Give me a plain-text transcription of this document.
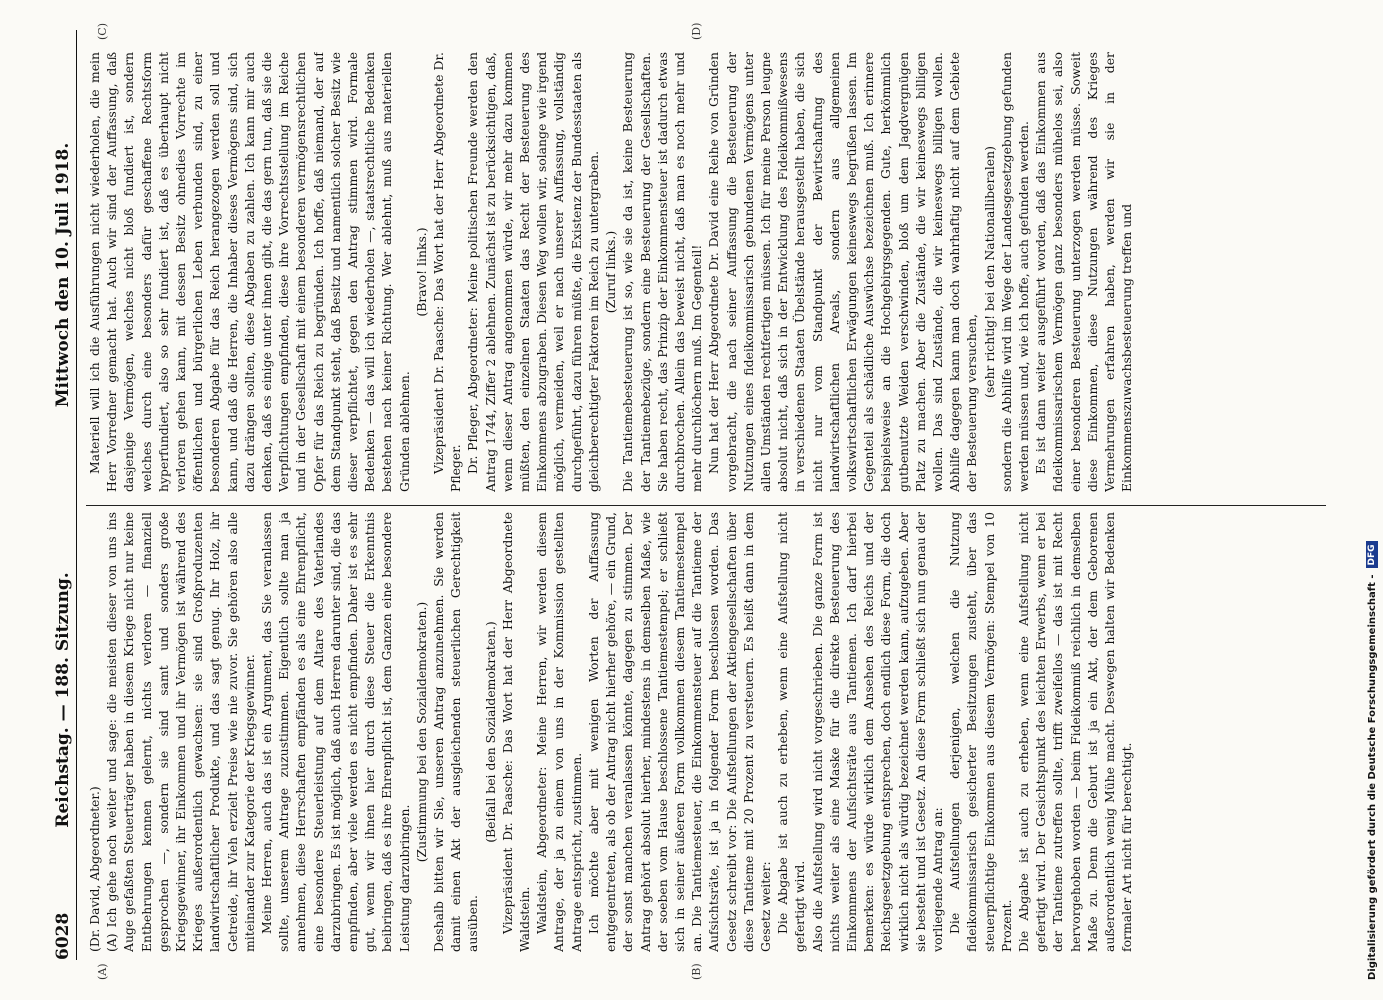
6028
Reichstag. — 188. Sitzung.
Mittwoch den 10. Juli 1918.
(A)	(B)
(C)	(D)

(Dr. David, Abgeordneter.) (A) Ich gehe noch weiter und sage: die meisten dieser von uns ins Auge gefaßten Steuerträger haben in diesem Kriege nicht nur keine Entbehrungen kennen gelernt, nichts verloren — finanziell gesprochen —, sondern sie sind samt und sonders große Kriegsgewinner, ihr Einkommen und ihr Vermögen ist während des Krieges außerordentlich gewachsen: sie sind Großproduzenten landwirtschaftlicher Produkte, und das sagt genug. Ihr Holz, ihr Getreide, ihr Vieh erzielt Preise wie nie zuvor. Sie gehören also alle miteinander zur Kategorie der Kriegsgewinner. Meine Herren, auch das ist ein Argument, das Sie veranlassen sollte, unserem Antrage zuzustimmen. Eigentlich sollte man ja annehmen, diese Herrschaften empfänden es als eine Ehrenpflicht, eine besondere Steuerleistung auf dem Altare des Vaterlandes darzubringen. Es ist möglich, daß auch Herren darunter sind, die das empfinden, aber viele werden es nicht empfinden. Daher ist es sehr gut, wenn wir ihnen hier durch diese Steuer die Erkenntnis beibringen, daß es ihre Ehrenpflicht ist, dem Ganzen eine besondere Leistung darzubringen.

(Zustimmung bei den Sozialdemokraten.) Deshalb bitten wir Sie, unseren Antrag anzunehmen. Sie werden damit einen Akt der ausgleichenden steuerlichen Gerechtigkeit ausüben.

(Beifall bei den Sozialdemokraten.) Vizepräsident Dr. Paasche: Das Wort hat der Herr Abgeordnete Waldstein. Waldstein, Abgeordneter: Meine Herren, wir werden diesem Antrage, der ja zu einem von uns in der Kommission gestellten Antrage entspricht, zustimmen. Ich möchte aber mit wenigen Worten der Auffassung entgegentreten, als ob der Antrag nicht hierher gehöre, — ein Grund, der sonst manchen veranlassen könnte, dagegen zu stimmen. Der Antrag gehört absolut hierher, mindestens in demselben Maße, wie der soeben vom Hause beschlossene Tantiemestempel; er schließt sich in seiner äußeren Form vollkommen diesem Tantiemestempel an. Die Tantiemesteuer, die Einkommensteuer auf die Tantieme der Aufsichtsräte, ist ja in folgender Form beschlossen worden. Das Gesetz schreibt vor: Die Aufstellungen der Aktiengesellschaften über diese Tantieme mit 20 Prozent zu versteuern. Es heißt dann in dem Gesetz weiter: Die Abgabe ist auch zu erheben, wenn eine Aufstellung nicht gefertigt wird. Also die Aufstellung wird nicht vorgeschrieben. Die ganze Form ist nichts weiter als eine Maske für die direkte Besteuerung des Einkommens der Aufsichtsräte aus Tantiemen. Ich darf hierbei bemerken: es würde wirklich dem Ansehen des Reichs und der Reichsgesetzgebung entsprechen, doch endlich diese Form, die doch wirklich nicht als würdig bezeichnet werden kann, aufzugeben. Aber sie besteht und ist Gesetz. An diese Form schließt sich nun genau der vorliegende Antrag an: Die Aufstellungen derjenigen, welchen die Nutzung fideikommissarisch gesicherter Besitzungen zusteht, über das steuerpflichtige Einkommen aus diesem Vermögen: Stempel von 10 Prozent. Die Abgabe ist auch zu erheben, wenn eine Aufstellung nicht gefertigt wird. Der Gesichtspunkt des leichten Erwerbs, wenn er bei der Tantieme zutreffen sollte, trifft zweifellos — das ist mit Recht hervorgehoben worden — beim Fideikommiß reichlich in demselben Maße zu. Denn die Geburt ist ja ein Akt, der dem Geborenen außerordentlich wenig Mühe macht. Deswegen halten wir Bedenken formaler Art nicht für berechtigt.

Materiell will ich die Ausführungen nicht wiederholen, die mein Herr Vorredner gemacht hat. Auch wir sind der Auffassung, daß dasjenige Vermögen, welches nicht bloß fundiert ist, sondern welches durch eine besonders dafür geschaffene Rechtsform hyperfundiert, also so sehr fundiert ist, daß es überhaupt nicht verloren gehen kann, mit dessen Besitz ohnedies Vorrechte im öffentlichen und bürgerlichen Leben verbunden sind, zu einer besonderen Abgabe für das Reich herangezogen werden soll und kann, und daß die Herren, die Inhaber dieses Vermögens sind, sich dazu drängen sollten, diese Abgaben zu zahlen. Ich kann mir auch denken, daß es einige unter ihnen gibt, die das gern tun, daß sie die Verpflichtungen empfinden, diese ihre Vorrechtsstellung im Reiche und in der Gesellschaft mit einem besonderen vermögensrechtlichen Opfer für das Reich zu begründen. Ich hoffe, daß niemand, der auf dem Standpunkt steht, daß Besitz und namentlich solcher Besitz wie dieser verpflichtet, gegen den Antrag stimmen wird. Formale Bedenken — das will ich wiederholen —, staatsrechtliche Bedenken bestehen nach keiner Richtung. Wer ablehnt, muß aus materiellen Gründen ablehnen.

(Bravo! links.) Vizepräsident Dr. Paasche: Das Wort hat der Herr Abgeordnete Dr. Pfleger. Dr. Pfleger, Abgeordneter: Meine politischen Freunde werden den Antrag 1744, Ziffer 2 ablehnen. Zunächst ist zu berücksichtigen, daß, wenn dieser Antrag angenommen würde, wir mehr dazu kommen müßten, den einzelnen Staaten das Recht der Besteuerung des Einkommens abzugraben. Diesen Weg wollen wir, solange wie irgend möglich, vermeiden, weil er nach unserer Auffassung, vollständig durchgeführt, dazu führen müßte, die Existenz der Bundesstaaten als gleichberechtigter Faktoren im Reich zu untergraben. (Zuruf links.) Die Tantiemebesteuerung ist so, wie sie da ist, keine Besteuerung der Tantiemebezüge, sondern eine Besteuerung der Gesellschaften. Sie haben recht, das Prinzip der Einkommensteuer ist dadurch etwas durchbrochen. Allein das beweist nicht, daß man es noch mehr und mehr durchlöchern muß. Im Gegenteil! Nun hat der Herr Abgeordnete Dr. David eine Reihe von Gründen vorgebracht, die nach seiner Auffassung die Besteuerung der Nutzungen eines fideikommissarisch gebundenen Vermögens unter allen Umständen rechtfertigen müssen. Ich für meine Person leugne absolut nicht, daß sich in der Entwicklung des Fideikommißwesens in verschiedenen Staaten Übelstände herausgestellt haben, die sich nicht nur vom Standpunkt der Bewirtschaftung des landwirtschaftlichen Areals, sondern aus allgemeinen volkswirtschaftlichen Erwägungen keineswegs begrüßen lassen. Im Gegenteil als schädliche Auswüchse bezeichnen muß. Ich erinnere beispielsweise an die Hochgebirgsgegenden. Gute, herkömmlich gutbenutzte Weiden verschwinden, bloß um dem Jagdvergnügen Platz zu machen. Aber die Zustände, die wir keineswegs billigen wollen. Das sind Zustände, die wir keineswegs billigen wollen. Abhilfe dagegen kann man doch wahrhaftig nicht auf dem Gebiete der Besteuerung versuchen,

(sehr richtig! bei den Nationalliberalen) sondern die Abhilfe wird im Wege der Landesgesetzgebung gefunden werden müssen und, wie ich hoffe, auch gefunden werden. Es ist dann weiter ausgeführt worden, daß das Einkommen aus fideikommissarischem Vermögen ganz besonders mühelos sei, also einer besonderen Besteuerung unterzogen werden müsse. Soweit diese Einkommen, diese Nutzungen während des Krieges Vermehrungen erfahren haben, werden wir sie in der Einkommenszuwachsbesteuerung treffen und

Digitalisierung gefördert durch die Deutsche Forschungsgemeinschaft -
DFG
